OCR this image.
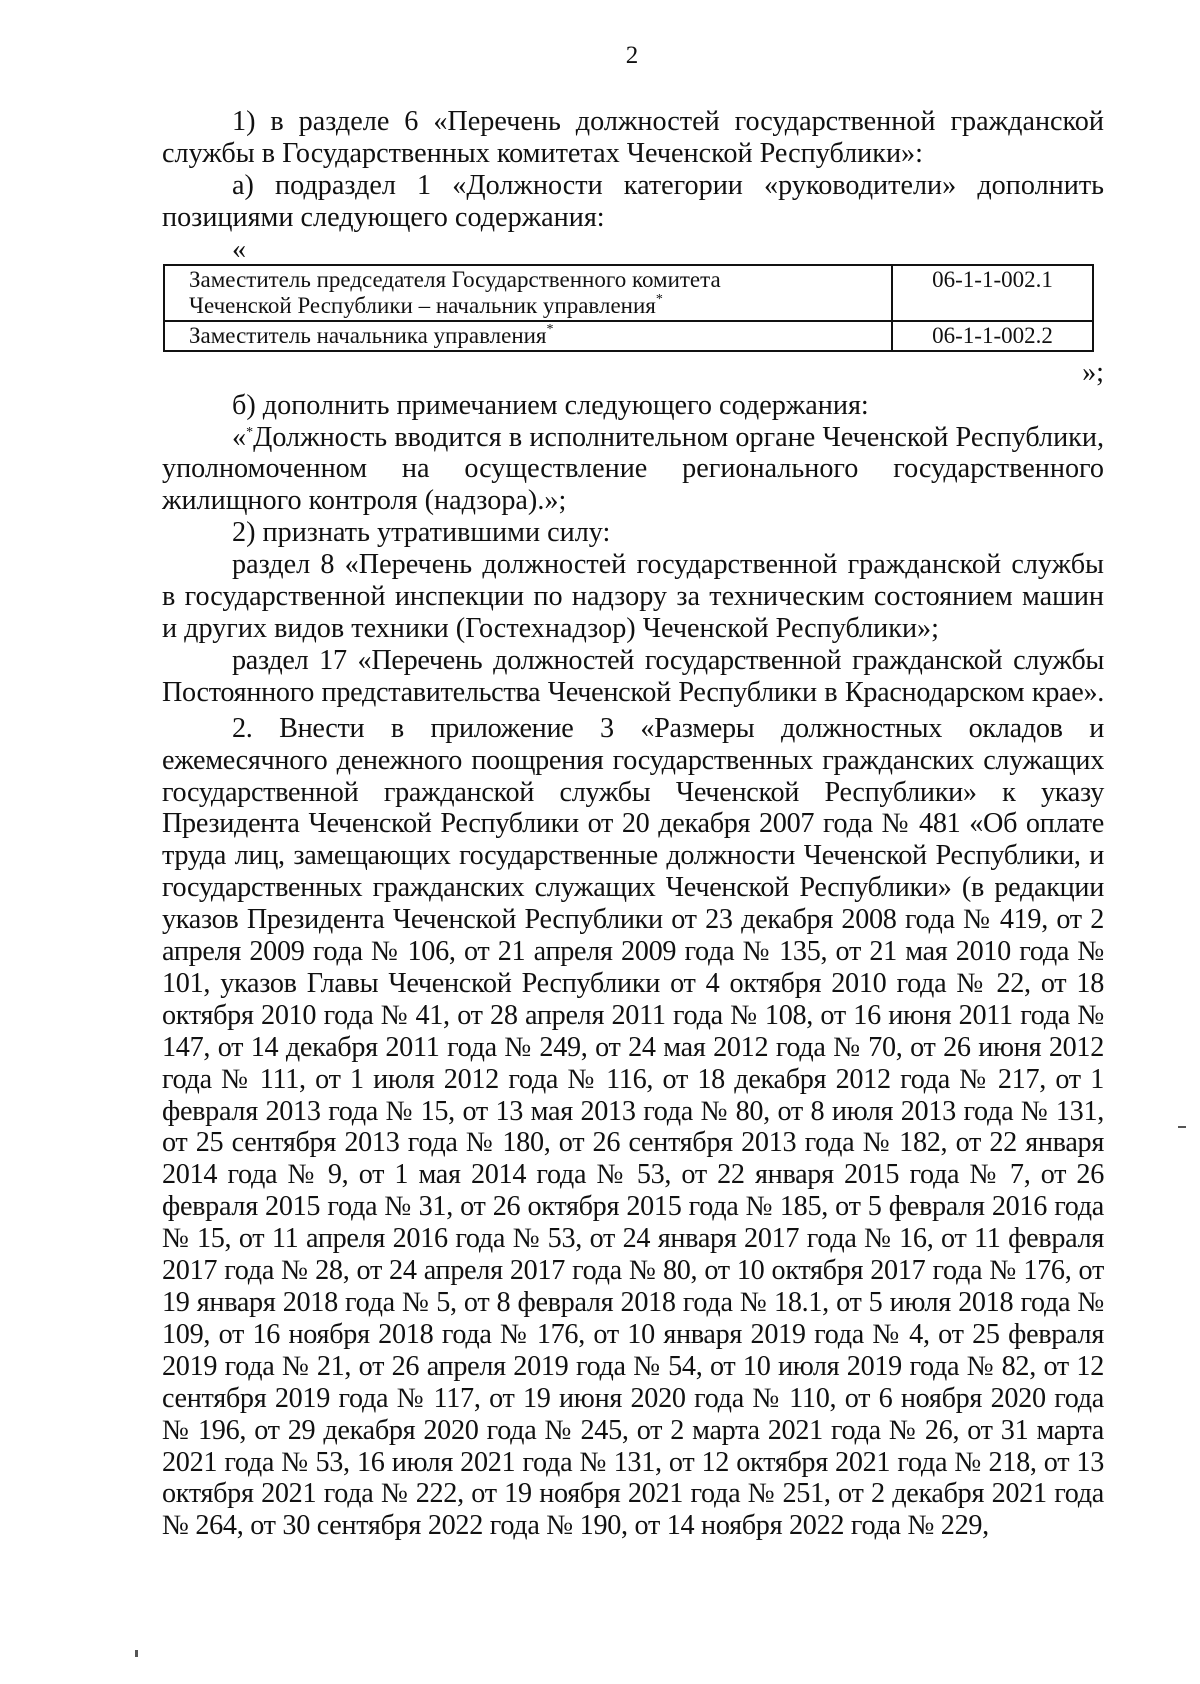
2

1) в разделе 6 «Перечень должностей государственной гражданской службы в Государственных комитетах Чеченской Республики»:

а) подраздел 1 «Должности категории «руководители» дополнить позициями следующего содержания:

«
Заместитель председателя Государственного комитета
Чеченской Республики – начальник управления*	06-1-1-002.1
Заместитель начальника управления*	06-1-1-002.2
»;

б) дополнить примечанием следующего содержания:

«*Должность вводится в исполнительном органе Чеченской Республики, уполномоченном на осуществление регионального государственного жилищного контроля (надзора).»;

2) признать утратившими силу:

раздел 8 «Перечень должностей государственной гражданской службы в государственной инспекции по надзору за техническим состоянием машин и других видов техники (Гостехнадзор) Чеченской Республики»;

раздел 17 «Перечень должностей государственной гражданской службы Постоянного представительства Чеченской Республики в Краснодарском крае».

2. Внести в приложение 3 «Размеры должностных окладов и ежемесячного денежного поощрения государственных гражданских служащих государственной гражданской службы Чеченской Республики» к указу Президента Чеченской Республики от 20 декабря 2007 года № 481 «Об оплате труда лиц, замещающих государственные должности Чеченской Республики, и государственных гражданских служащих Чеченской Республики» (в редакции указов Президента Чеченской Республики от 23 декабря 2008 года № 419, от 2 апреля 2009 года № 106, от 21 апреля 2009 года № 135, от 21 мая 2010 года № 101, указов Главы Чеченской Республики от 4 октября 2010 года № 22, от 18 октября 2010 года № 41, от 28 апреля 2011 года № 108, от 16 июня 2011 года № 147, от 14 декабря 2011 года № 249, от 24 мая 2012 года № 70, от 26 июня 2012 года № 111, от 1 июля 2012 года № 116, от 18 декабря 2012 года № 217, от 1 февраля 2013 года № 15, от 13 мая 2013 года № 80, от 8 июля 2013 года № 131, от 25 сентября 2013 года № 180, от 26 сентября 2013 года № 182, от 22 января 2014 года № 9, от 1 мая 2014 года № 53, от 22 января 2015 года № 7, от 26 февраля 2015 года № 31, от 26 октября 2015 года № 185, от 5 февраля 2016 года № 15, от 11 апреля 2016 года № 53, от 24 января 2017 года № 16, от 11 февраля 2017 года № 28, от 24 апреля 2017 года № 80, от 10 октября 2017 года № 176, от 19 января 2018 года № 5, от 8 февраля 2018 года № 18.1, от 5 июля 2018 года № 109, от 16 ноября 2018 года № 176, от 10 января 2019 года № 4, от 25 февраля 2019 года № 21, от 26 апреля 2019 года № 54, от 10 июля 2019 года № 82, от 12 сентября 2019 года № 117, от 19 июня 2020 года № 110, от 6 ноября 2020 года № 196, от 29 декабря 2020 года № 245, от 2 марта 2021 года № 26, от 31 марта 2021 года № 53, 16 июля 2021 года № 131, от 12 октября 2021 года № 218, от 13 октября 2021 года № 222, от 19 ноября 2021 года № 251, от 2 декабря 2021 года № 264, от 30 сентября 2022 года № 190, от 14 ноября 2022 года № 229,
